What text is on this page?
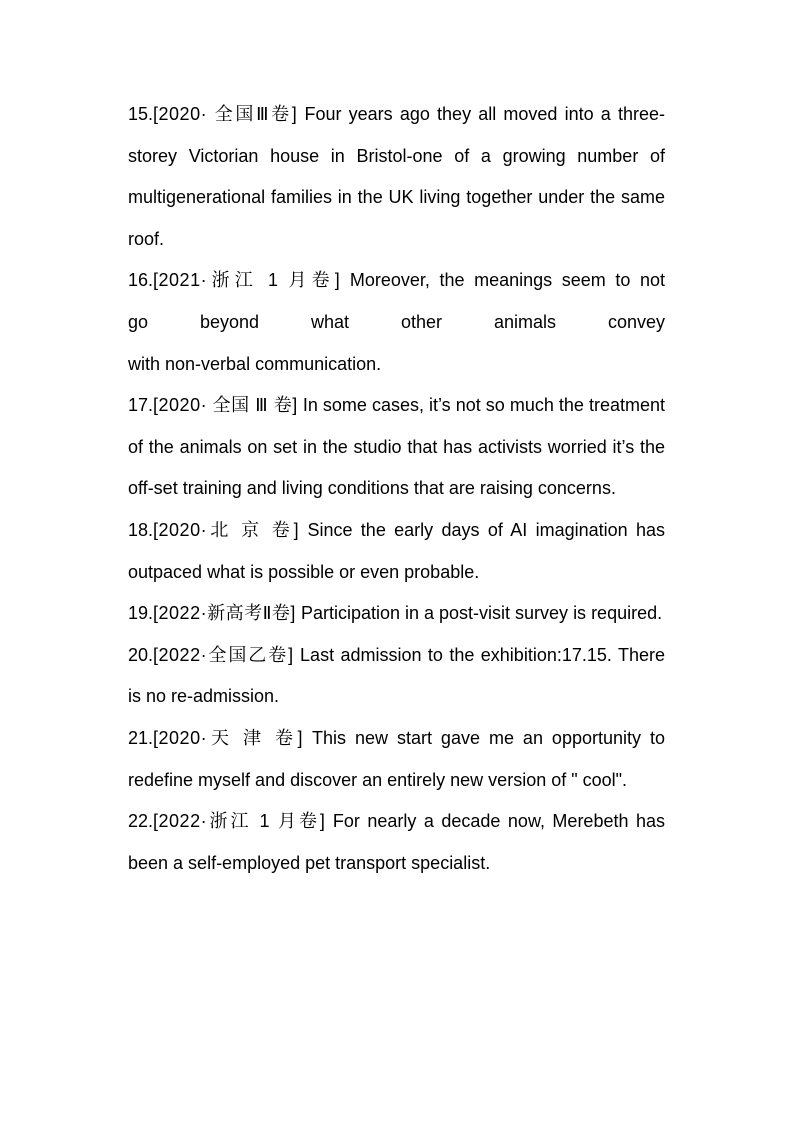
15.[2020· 全国Ⅲ卷] Four years ago they all moved into a three-storey Victorian house in Bristol-one of a growing number of multigenerational families in the UK living together under the same roof.

16.[2021·浙江 1 月卷] Moreover, the meanings seem to not
go beyond what other animals convey
with non-verbal communication.

17.[2020· 全国 Ⅲ 卷] In some cases, it’s not so much the treatment of the animals on set in the studio that has activists worried it’s the off-set training and living conditions that are raising concerns.

18.[2020·北 京 卷] Since the early days of AI imagination has outpaced what is possible or even probable.

19.[2022·新高考Ⅱ卷] Participation in a post-visit survey is required.

20.[2022·全国乙卷] Last admission to the exhibition:17.15. There is no re-admission.

21.[2020·天 津 卷] This new start gave me an opportunity to redefine myself and discover an entirely new version of " cool".

22.[2022·浙江 1 月卷] For nearly a decade now, Merebeth has been a self-employed pet transport specialist.
